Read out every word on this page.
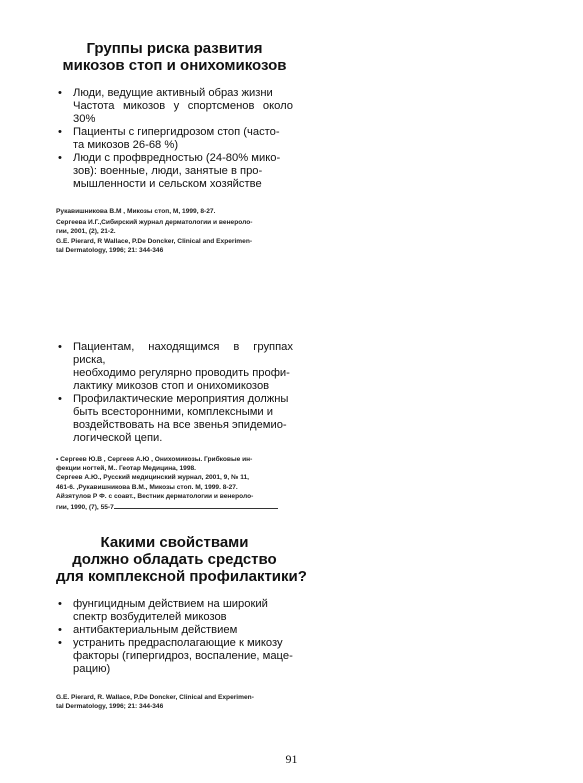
Группы риска развития
микозов стоп и онихомикозов
• Люди, ведущие активный образ жизни
Частота микозов у спортсменов около 30%
• Пациенты с гипергидрозом стоп (часто-
та микозов 26-68 %)
• Люди с профвредностью (24-80% мико-
зов): военные, люди, занятые в про-
мышленности и сельском хозяйстве
Рукавишникова В.М , Микозы стоп, М, 1999, 8-27.
Сергеева И.Г.,Сибирский журнал дерматологии и венероло-
гии, 2001, (2), 21-2.
G.E. Pierard, R Wallace, P.De Doncker, Clinical and Experimen-
tal Dermatology, 1996; 21: 344-346
• Пациентам, находящимся в группах риска,
необходимо регулярно проводить профи-
лактику микозов стоп и онихомикозов
• Профилактические мероприятия должны
быть всесторонними, комплексными и
воздействовать на все звенья эпидемио-
логической цепи.
• Сергеев Ю.В , Сергеев А.Ю , Онихомикозы. Грибковые ин-
фекции ногтей, М.. Геотар Медицина, 1998.
Сергеев А.Ю., Русский медицинский журнал, 2001, 9, № 11,
461-6. ,Рукавишникова В.М., Микозы стоп. М, 1999. 8-27.
Айзятулов Р Ф. с соавт., Вестник дерматологии и венероло-
гии, 1990, (7), 55-7
Какими свойствами
должно обладать средство
для комплексной профилактики?
• фунгицидным действием на широкий
спектр возбудителей микозов
• антибактериальным действием
• устранить предрасполагающие к микозу
факторы (гипергидроз, воспаление, маце-
рацию)
G.E. Pierard, R. Wallace, P.De Doncker, Clinical and Experimen-
tal Dermatology, 1996; 21: 344-346
91
